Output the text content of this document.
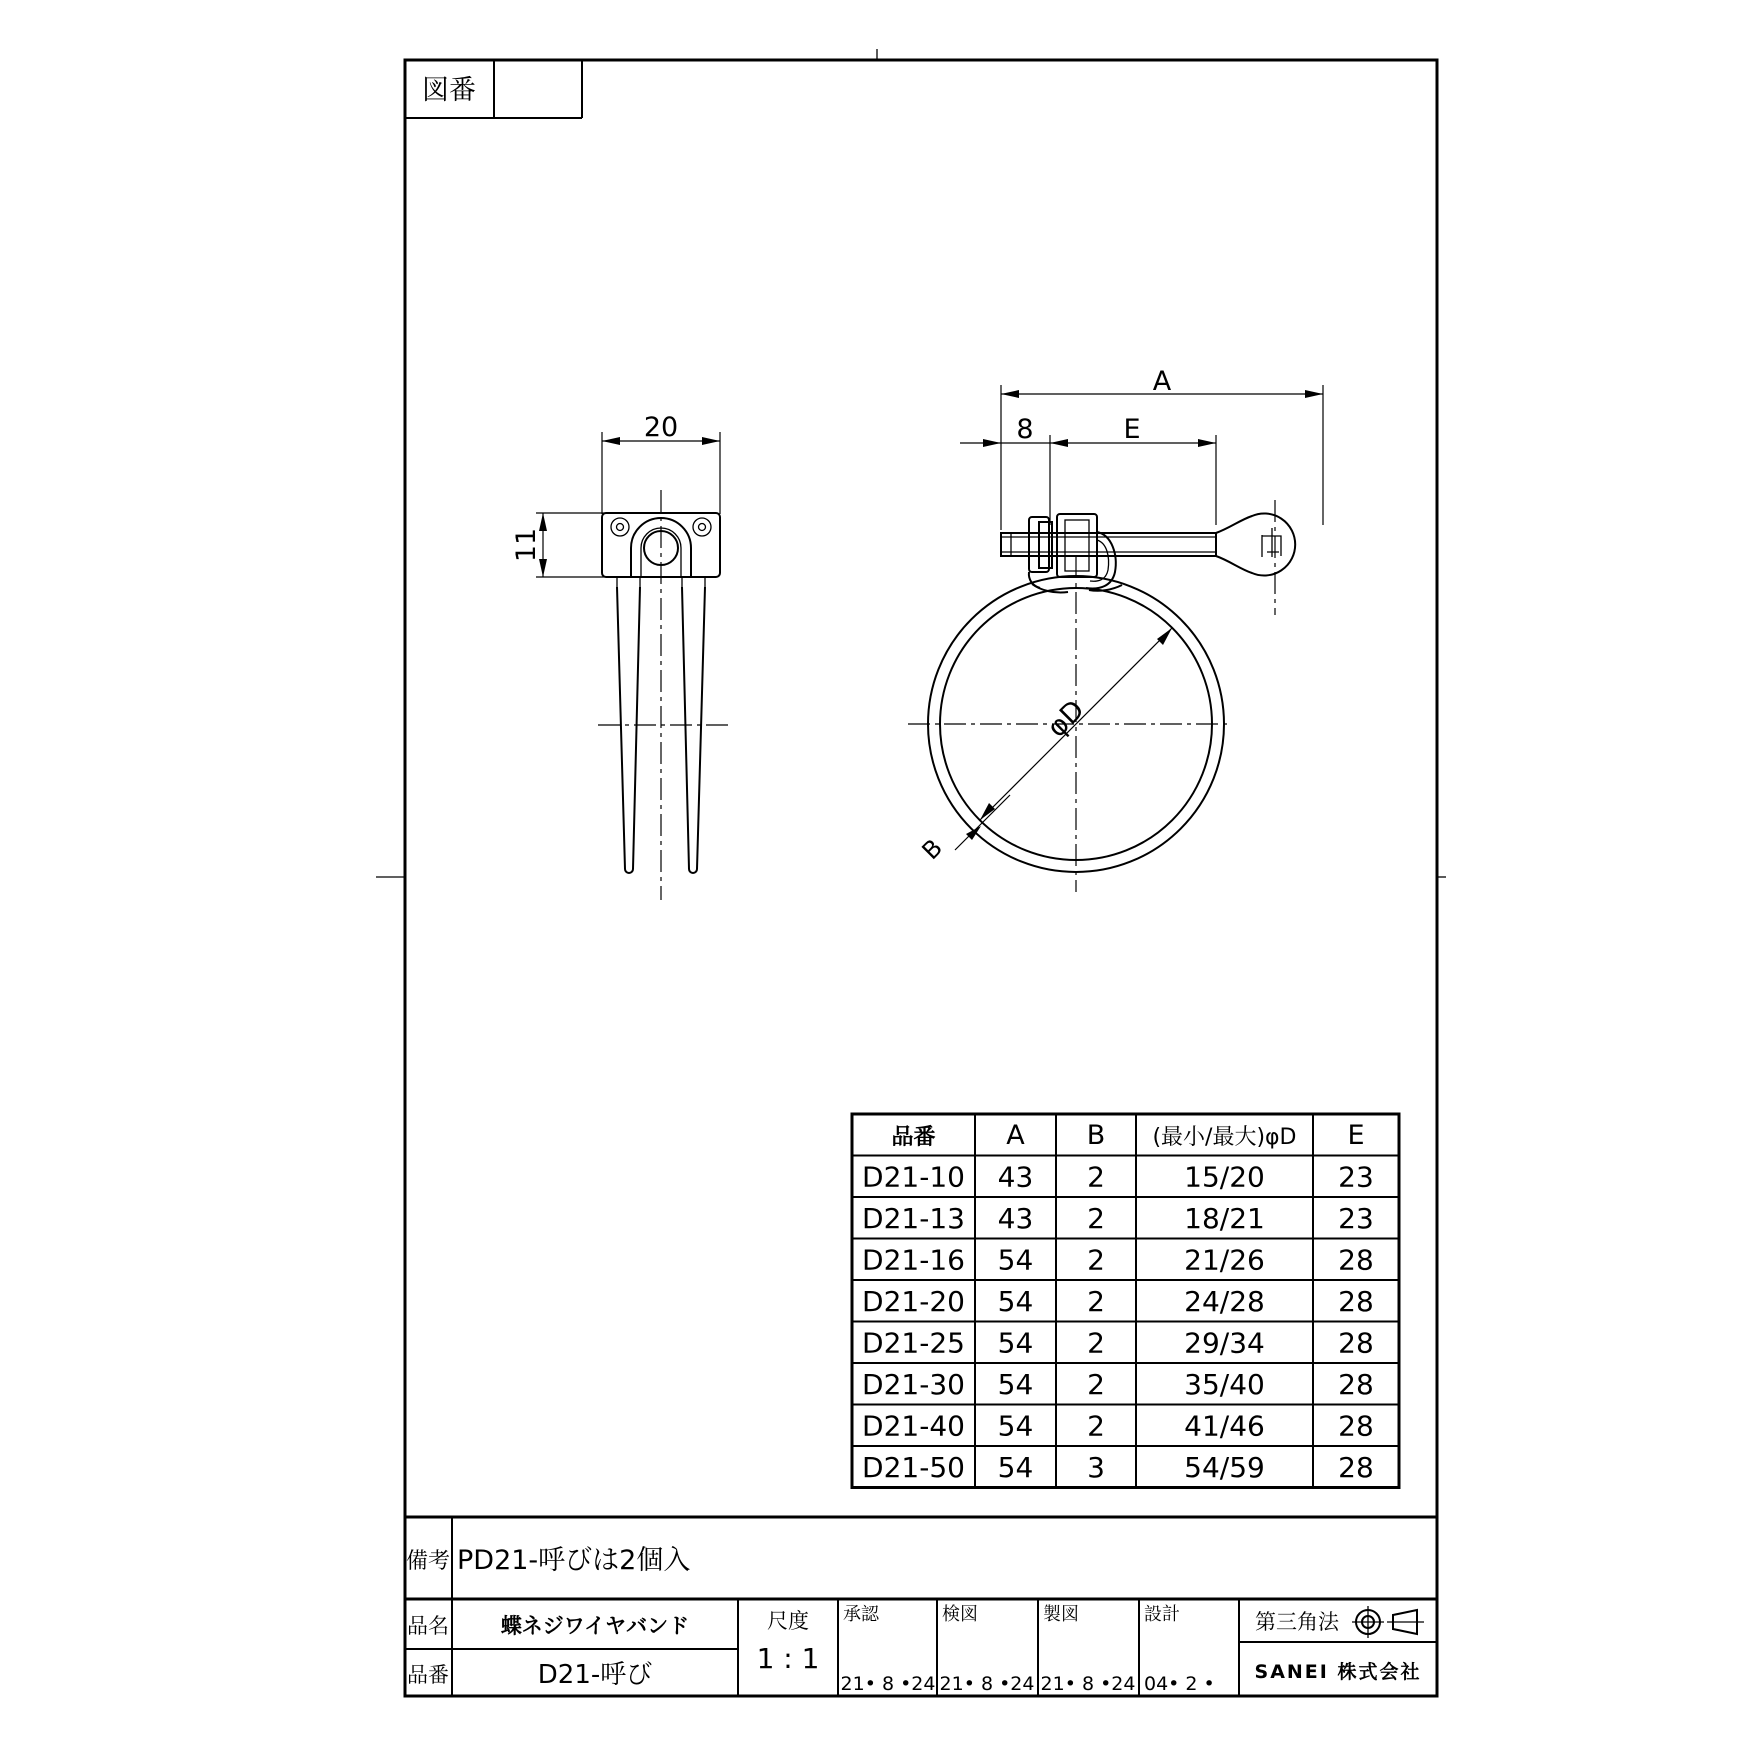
図番
20
11
A
8	E
φD
B
品番	A B (最小/最大)φD E
D21-10 43 2	15/20	23
D21-13 43 2	18/21	23
D21-16 54 2	21/26	28
D21-20 54 2	24/28	28
D21-25 54 2	29/34	28
D21-30 54 2	35/40	28
D21-40 54 2	41/46	28
D21-50 54 3	54/59	28
備考 PD21-呼びは2個入
品名 蝶ネジワイヤバンド
品番	D21-呼び
尺度
1 : 1
承認
21• 8 •24
検図
21• 8 •24
製図
21• 8 •24
設計
04• 2 •
第三角法
SANEI 株式会社
